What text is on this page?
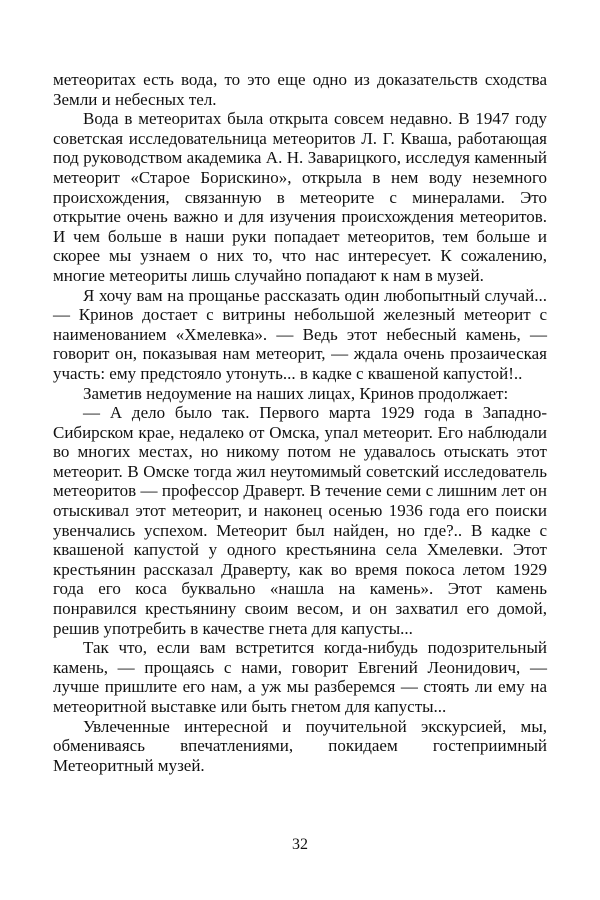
метеоритах есть вода, то это еще одно из доказательств сходства Земли и небесных тел.

Вода в метеоритах была открыта совсем недавно. В 1947 году советская исследовательница метеоритов Л. Г. Кваша, работающая под руководством академика А. Н. Заварицкого, исследуя каменный метеорит «Старое Борискино», открыла в нем воду неземного происхождения, связанную в метеорите с минералами. Это открытие очень важно и для изучения происхождения метеоритов. И чем больше в наши руки попадает метеоритов, тем больше и скорее мы узнаем о них то, что нас интересует. К сожалению, многие метеориты лишь случайно попадают к нам в музей.

Я хочу вам на прощанье рассказать один любопытный случай... — Кринов достает с витрины небольшой железный метеорит с наименованием «Хмелевка». — Ведь этот небесный камень, — говорит он, показывая нам метеорит, — ждала очень прозаическая участь: ему предстояло утонуть... в кадке с квашеной капустой!..

Заметив недоумение на наших лицах, Кринов продолжает:

— А дело было так. Первого марта 1929 года в Западно-Сибирском крае, недалеко от Омска, упал метеорит. Его наблюдали во многих местах, но никому потом не удавалось отыскать этот метеорит. В Омске тогда жил неутомимый советский исследователь метеоритов — профессор Драверт. В течение семи с лишним лет он отыскивал этот метеорит, и наконец осенью 1936 года его поиски увенчались успехом. Метеорит был найден, но где?.. В кадке с квашеной капустой у одного крестьянина села Хмелевки. Этот крестьянин рассказал Драверту, как во время покоса летом 1929 года его коса буквально «нашла на камень». Этот камень понравился крестьянину своим весом, и он захватил его домой, решив употребить в качестве гнета для капусты...

Так что, если вам встретится когда-нибудь подозрительный камень, — прощаясь с нами, говорит Евгений Леонидович, — лучше пришлите его нам, а уж мы разберемся — стоять ли ему на метеоритной выставке или быть гнетом для капусты...

Увлеченные интересной и поучительной экскурсией, мы, обмениваясь впечатлениями, покидаем гостеприимный Метеоритный музей.

32
